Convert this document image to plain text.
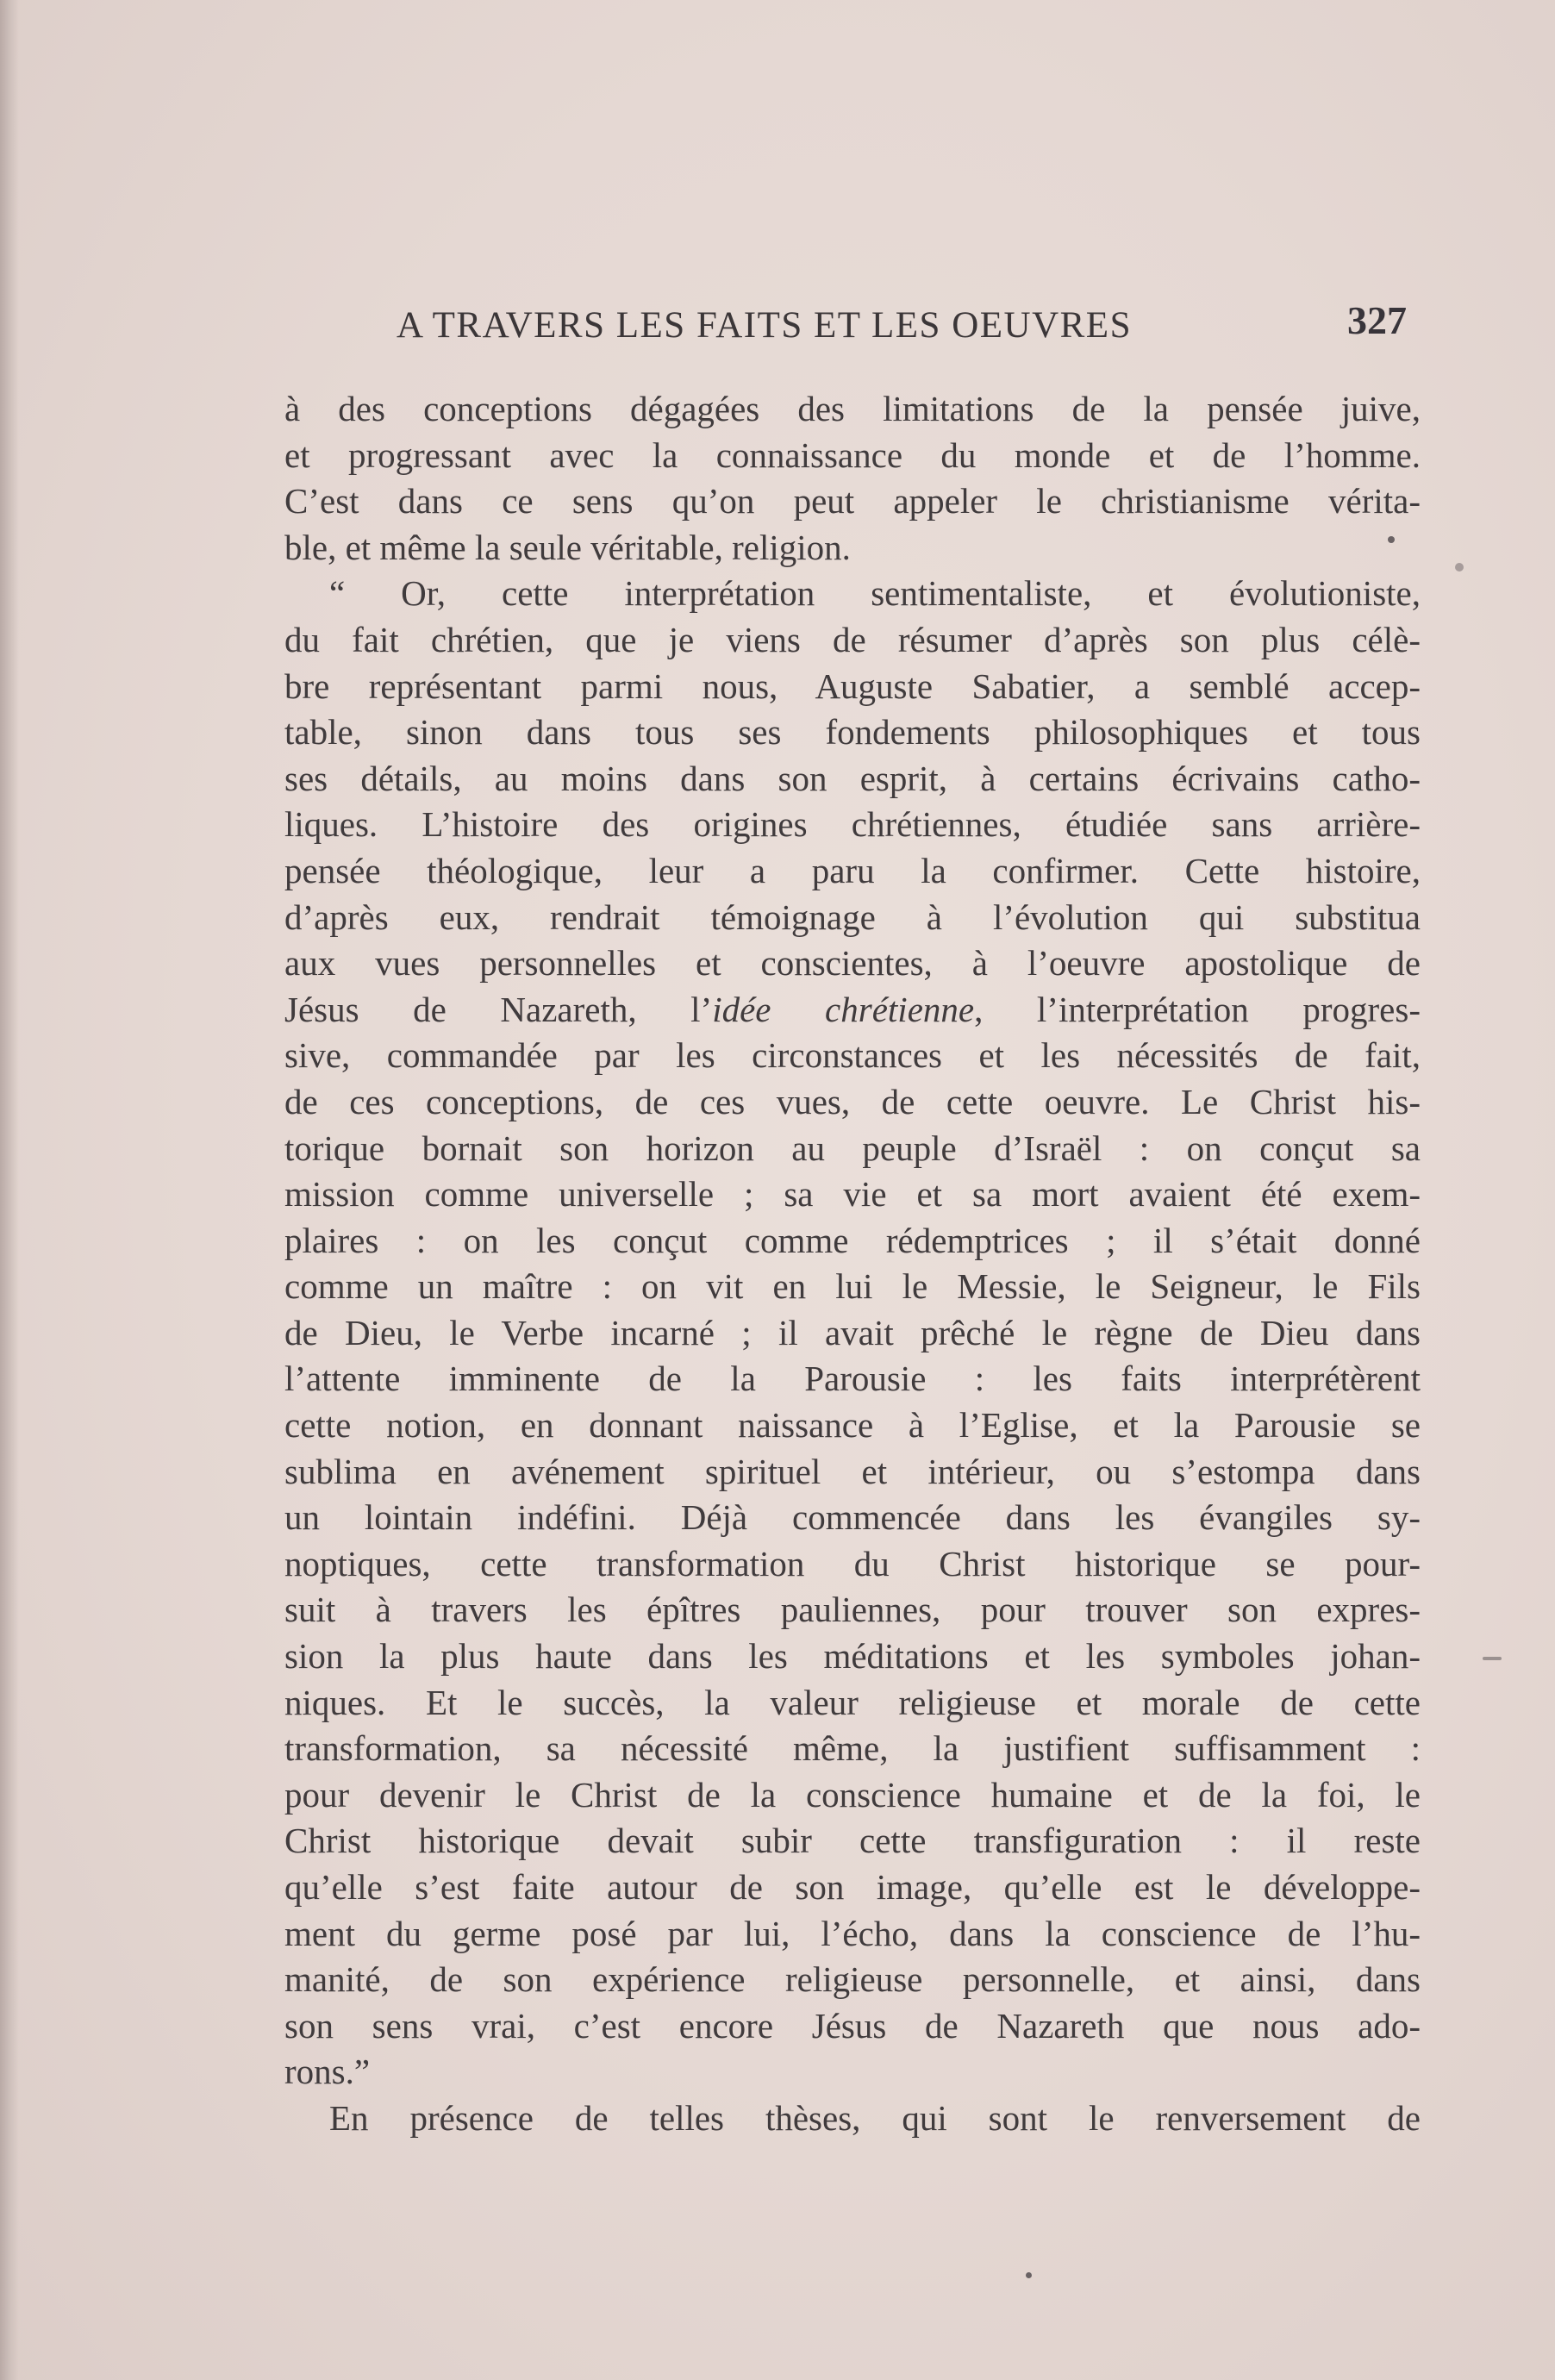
A TRAVERS LES FAITS ET LES OEUVRES	327
à des conceptions dégagées des limitations de la pensée juive,
et progressant avec la connaissance du monde et de l’homme.
C’est dans ce sens qu’on peut appeler le christianisme vérita-
ble, et même la seule véritable, religion.
“ Or, cette interprétation sentimentaliste, et évolutioniste,
du fait chrétien, que je viens de résumer d’après son plus célè-
bre représentant parmi nous, Auguste Sabatier, a semblé accep-
table, sinon dans tous ses fondements philosophiques et tous
ses détails, au moins dans son esprit, à certains écrivains catho-
liques. L’histoire des origines chrétiennes, étudiée sans arrière-
pensée théologique, leur a paru la confirmer. Cette histoire,
d’après eux, rendrait témoignage à l’évolution qui substitua
aux vues personnelles et conscientes, à l’oeuvre apostolique de
Jésus de Nazareth, l’idée chrétienne, l’interprétation progres-
sive, commandée par les circonstances et les nécessités de fait,
de ces conceptions, de ces vues, de cette oeuvre. Le Christ his-
torique bornait son horizon au peuple d’Israël : on conçut sa
mission comme universelle ; sa vie et sa mort avaient été exem-
plaires : on les conçut comme rédemptrices ; il s’était donné
comme un maître : on vit en lui le Messie, le Seigneur, le Fils
de Dieu, le Verbe incarné ; il avait prêché le règne de Dieu dans
l’attente imminente de la Parousie : les faits interprétèrent
cette notion, en donnant naissance à l’Eglise, et la Parousie se
sublima en avénement spirituel et intérieur, ou s’estompa dans
un lointain indéfini. Déjà commencée dans les évangiles sy-
noptiques, cette transformation du Christ historique se pour-
suit à travers les épîtres pauliennes, pour trouver son expres-
sion la plus haute dans les méditations et les symboles johan-
niques. Et le succès, la valeur religieuse et morale de cette
transformation, sa nécessité même, la justifient suffisamment :
pour devenir le Christ de la conscience humaine et de la foi, le
Christ historique devait subir cette transfiguration : il reste
qu’elle s’est faite autour de son image, qu’elle est le développe-
ment du germe posé par lui, l’écho, dans la conscience de l’hu-
manité, de son expérience religieuse personnelle, et ainsi, dans
son sens vrai, c’est encore Jésus de Nazareth que nous ado-
rons.”
En présence de telles thèses, qui sont le renversement de
